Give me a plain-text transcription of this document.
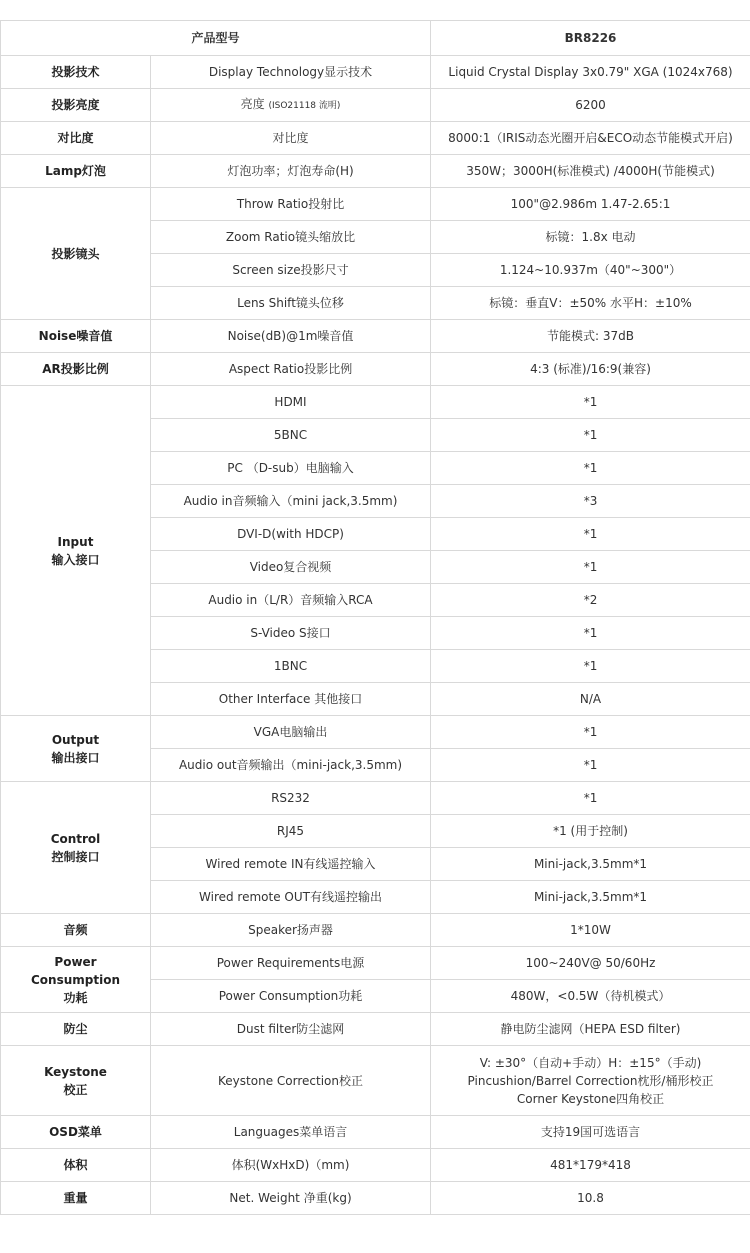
产品型号		BR8226
投影技术	Display Technology显示技术	Liquid Crystal Display 3x0.79" XGA (1024x768)
投影亮度	亮度 (ISO21118 流明)	6200
对比度	对比度	8000:1（IRIS动态光圈开启&ECO动态节能模式开启)
Lamp灯泡	灯泡功率；灯泡寿命(H)	350W；3000H(标准模式) /4000H(节能模式)
投影镜头	Throw Ratio投射比	100"@2.986m 1.47-2.65:1
	Zoom Ratio镜头缩放比	标镜：1.8x 电动
	Screen size投影尺寸	1.124~10.937m（40"~300"）
	Lens Shift镜头位移	标镜：垂直V：±50% 水平H：±10%
Noise噪音值	Noise(dB)@1m噪音值	节能模式: 37dB
AR投影比例	Aspect Ratio投影比例	4:3 (标准)/16:9(兼容)
Input
输入接口	HDMI	*1
	5BNC	*1
	PC （D-sub）电脑输入	*1
	Audio in音频输入（mini jack,3.5mm)	*3
	DVI-D(with HDCP)	*1
	Video复合视频	*1
	Audio in（L/R）音频输入RCA	*2
	S-Video S接口	*1
	1BNC	*1
	Other Interface 其他接口	N/A
Output
输出接口	VGA电脑输出	*1
	Audio out音频输出（mini-jack,3.5mm)	*1
Control
控制接口	RS232	*1
	RJ45	*1 (用于控制)
	Wired remote IN有线遥控输入	Mini-jack,3.5mm*1
	Wired remote OUT有线遥控输出	Mini-jack,3.5mm*1
音频	Speaker扬声器	1*10W
Power
Consumption
功耗	Power Requirements电源	100~240V@ 50/60Hz
	Power Consumption功耗	480W，<0.5W（待机模式）
防尘	Dust filter防尘滤网	静电防尘滤网（HEPA ESD filter)
Keystone
校正	Keystone Correction校正	V: ±30°（自动+手动）H：±15°（手动)
Pincushion/Barrel Correction枕形/桶形校正
Corner Keystone四角校正
OSD菜单	Languages菜单语言	支持19国可选语言
体积	体积(WxHxD)（mm)	481*179*418
重量	Net. Weight 净重(kg)	10.8
